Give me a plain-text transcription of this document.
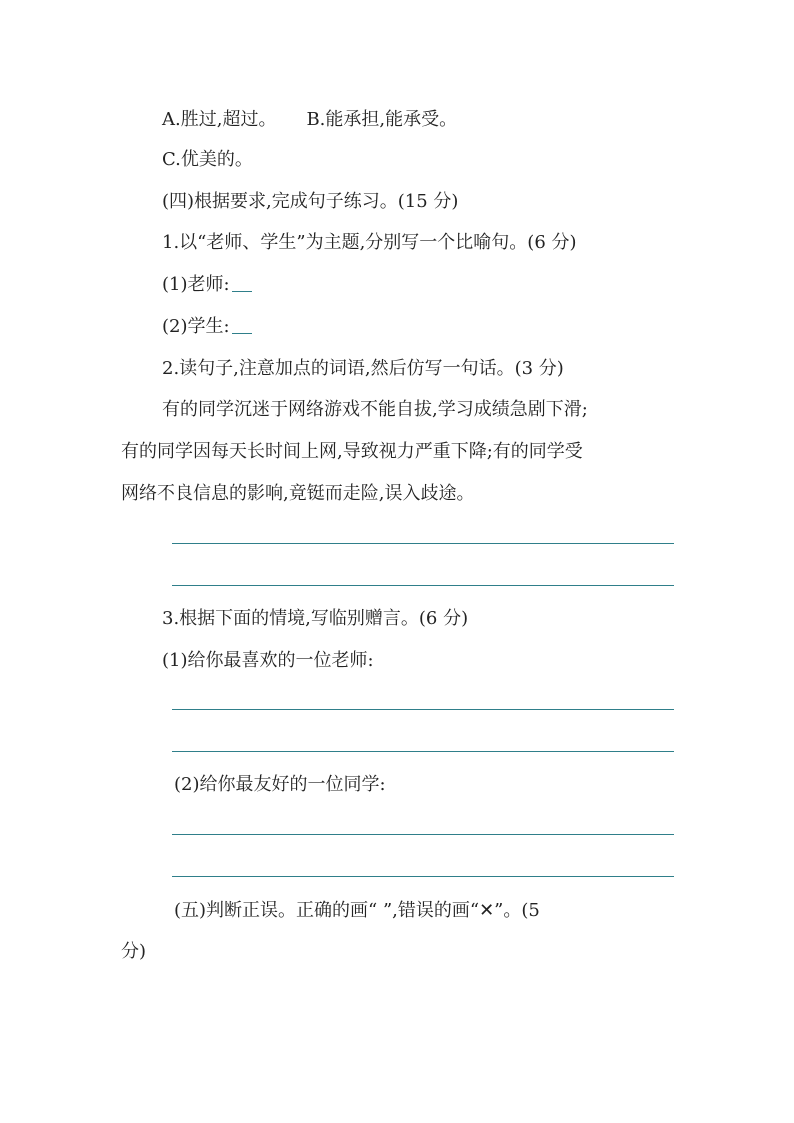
A.胜过,超过。 B.能承担,能承受。
C.优美的。
(四)根据要求,完成句子练习。(15 分)
1.以“老师、学生”为主题,分别写一个比喻句。(6 分)
(1)老师:
(2)学生:
2.读句子,注意加点的词语,然后仿写一句话。(3 分)
有的同学沉迷于网络游戏不能自拔,学习成绩急剧下滑;
有的同学因每天长时间上网,导致视力严重下降;有的同学受
网络不良信息的影响,竟铤而走险,误入歧途。
3.根据下面的情境,写临别赠言。(6 分)
(1)给你最喜欢的一位老师:
(2)给你最友好的一位同学:
(五)判断正误。正确的画“ ”,错误的画“✕”。(5
分)
